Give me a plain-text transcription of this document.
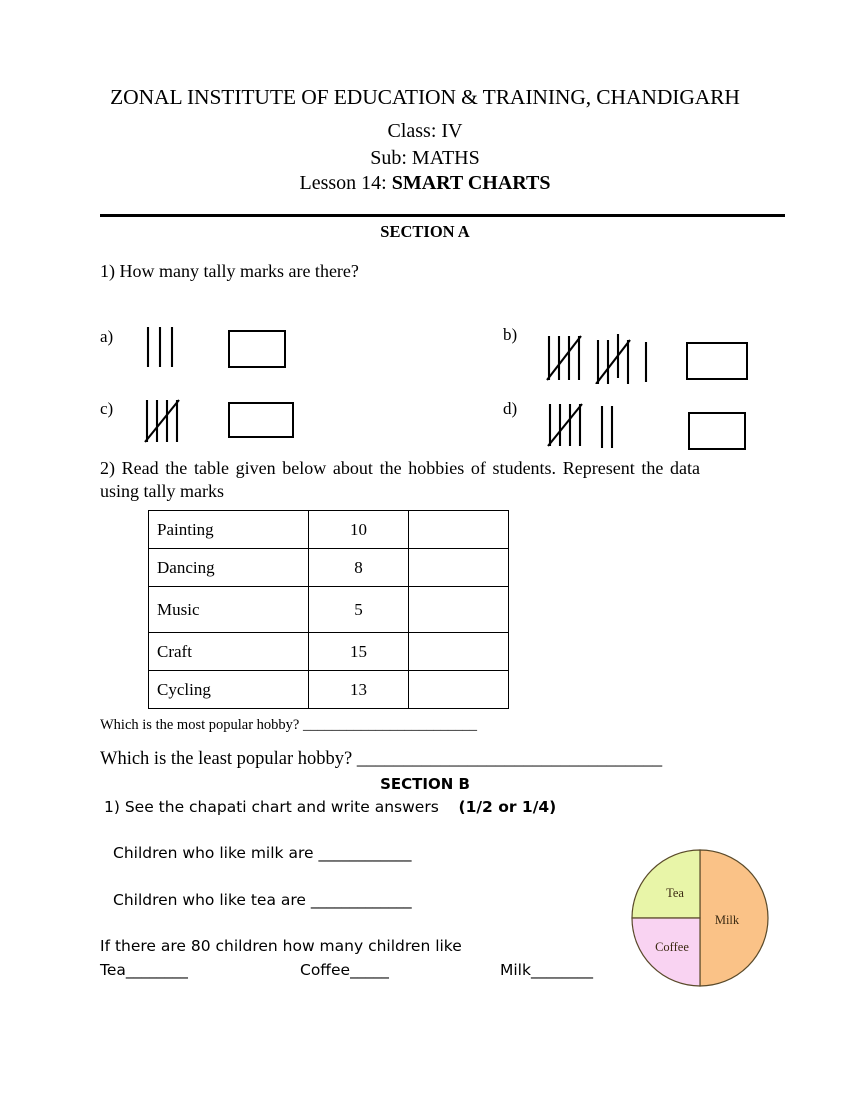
ZONAL INSTITUTE OF EDUCATION & TRAINING, CHANDIGARH
Class: IV
Sub: MATHS
Lesson 14: SMART CHARTS
SECTION A
1) How many tally marks are there?
a)	b)
c)	d)
2) Read the table given below about the hobbies of students. Represent the data using tally marks
Painting	10	
Dancing	8	
Music	5	
Craft	15	
Cycling	13	
Which is the most popular hobby? ________________________
Which is the least popular hobby? _________________________________
SECTION B
1) See the chapati chart and write answers (1/2 or 1/4)
Children who like milk are ____________
Children who like tea are _____________
If there are 80 children how many children like
Tea________	Coffee_____	Milk________
Tea
Milk
Coffee
